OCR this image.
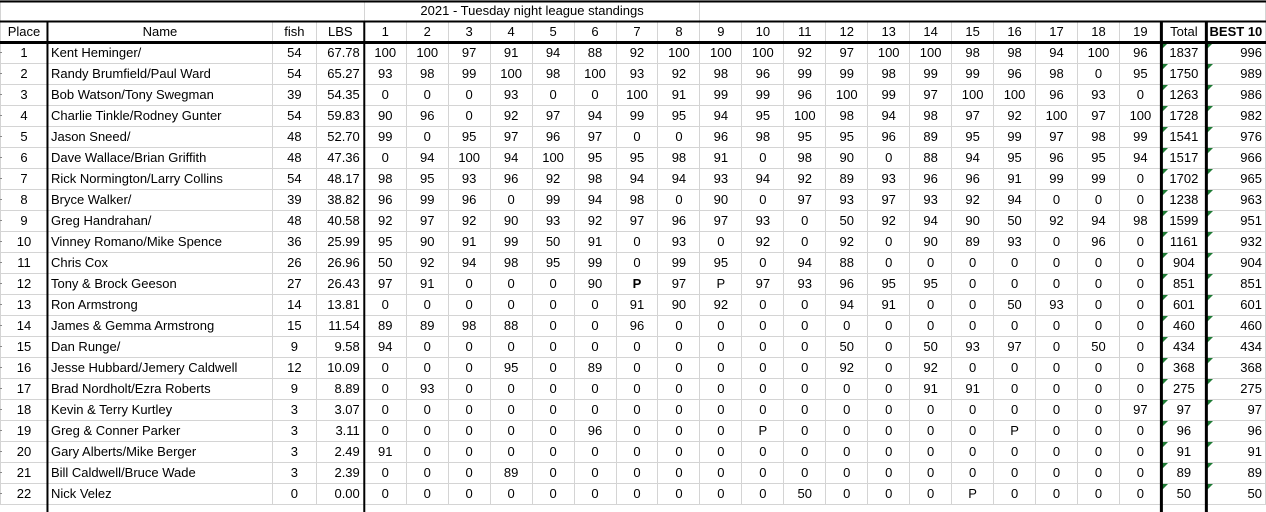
				2021 - Tuesday night league standings																				
Place	Name	fish	LBS	1	2	3	4	5	6	7	8	9	10	11	12	13	14	15	16	17	18	19	Total	BEST 10
1	Kent Heminger/	54	67.78	100	100	97	91	94	88	92	100	100	100	92	97	100	100	98	98	94	100	96	1837	996
2	Randy Brumfield/Paul Ward	54	65.27	93	98	99	100	98	100	93	92	98	96	99	99	98	99	99	96	98	0	95	1750	989
3	Bob Watson/Tony Swegman	39	54.35	0	0	0	93	0	0	100	91	99	99	96	100	99	97	100	100	96	93	0	1263	986
4	Charlie Tinkle/Rodney Gunter	54	59.83	90	96	0	92	97	94	99	95	94	95	100	98	94	98	97	92	100	97	100	1728	982
5	Jason Sneed/	48	52.70	99	0	95	97	96	97	0	0	96	98	95	95	96	89	95	99	97	98	99	1541	976
6	Dave Wallace/Brian Griffith	48	47.36	0	94	100	94	100	95	95	98	91	0	98	90	0	88	94	95	96	95	94	1517	966
7	Rick Normington/Larry Collins	54	48.17	98	95	93	96	92	98	94	94	93	94	92	89	93	96	96	91	99	99	0	1702	965
8	Bryce Walker/	39	38.82	96	99	96	0	99	94	98	0	90	0	97	93	97	93	92	94	0	0	0	1238	963
9	Greg Handrahan/	48	40.58	92	97	92	90	93	92	97	96	97	93	0	50	92	94	90	50	92	94	98	1599	951
10	Vinney Romano/Mike Spence	36	25.99	95	90	91	99	50	91	0	93	0	92	0	92	0	90	89	93	0	96	0	1161	932
11	Chris Cox	26	26.96	50	92	94	98	95	99	0	99	95	0	94	88	0	0	0	0	0	0	0	904	904
12	Tony & Brock Geeson	27	26.43	97	91	0	0	0	90	P	97	P	97	93	96	95	95	0	0	0	0	0	851	851
13	Ron Armstrong	14	13.81	0	0	0	0	0	0	91	90	92	0	0	94	91	0	0	50	93	0	0	601	601
14	James & Gemma Armstrong	15	11.54	89	89	98	88	0	0	96	0	0	0	0	0	0	0	0	0	0	0	0	460	460
15	Dan Runge/	9	9.58	94	0	0	0	0	0	0	0	0	0	0	50	0	50	93	97	0	50	0	434	434
16	Jesse Hubbard/Jemery Caldwell	12	10.09	0	0	0	95	0	89	0	0	0	0	0	92	0	92	0	0	0	0	0	368	368
17	Brad Nordholt/Ezra Roberts	9	8.89	0	93	0	0	0	0	0	0	0	0	0	0	0	91	91	0	0	0	0	275	275
18	Kevin & Terry Kurtley	3	3.07	0	0	0	0	0	0	0	0	0	0	0	0	0	0	0	0	0	0	97	97	97
19	Greg & Conner Parker	3	3.11	0	0	0	0	0	96	0	0	0	P	0	0	0	0	0	P	0	0	0	96	96
20	Gary Alberts/Mike Berger	3	2.49	91	0	0	0	0	0	0	0	0	0	0	0	0	0	0	0	0	0	0	91	91
21	Bill Caldwell/Bruce Wade	3	2.39	0	0	0	89	0	0	0	0	0	0	0	0	0	0	0	0	0	0	0	89	89
22	Nick Velez	0	0.00	0	0	0	0	0	0	0	0	0	0	50	0	0	0	P	0	0	0	0	50	50
